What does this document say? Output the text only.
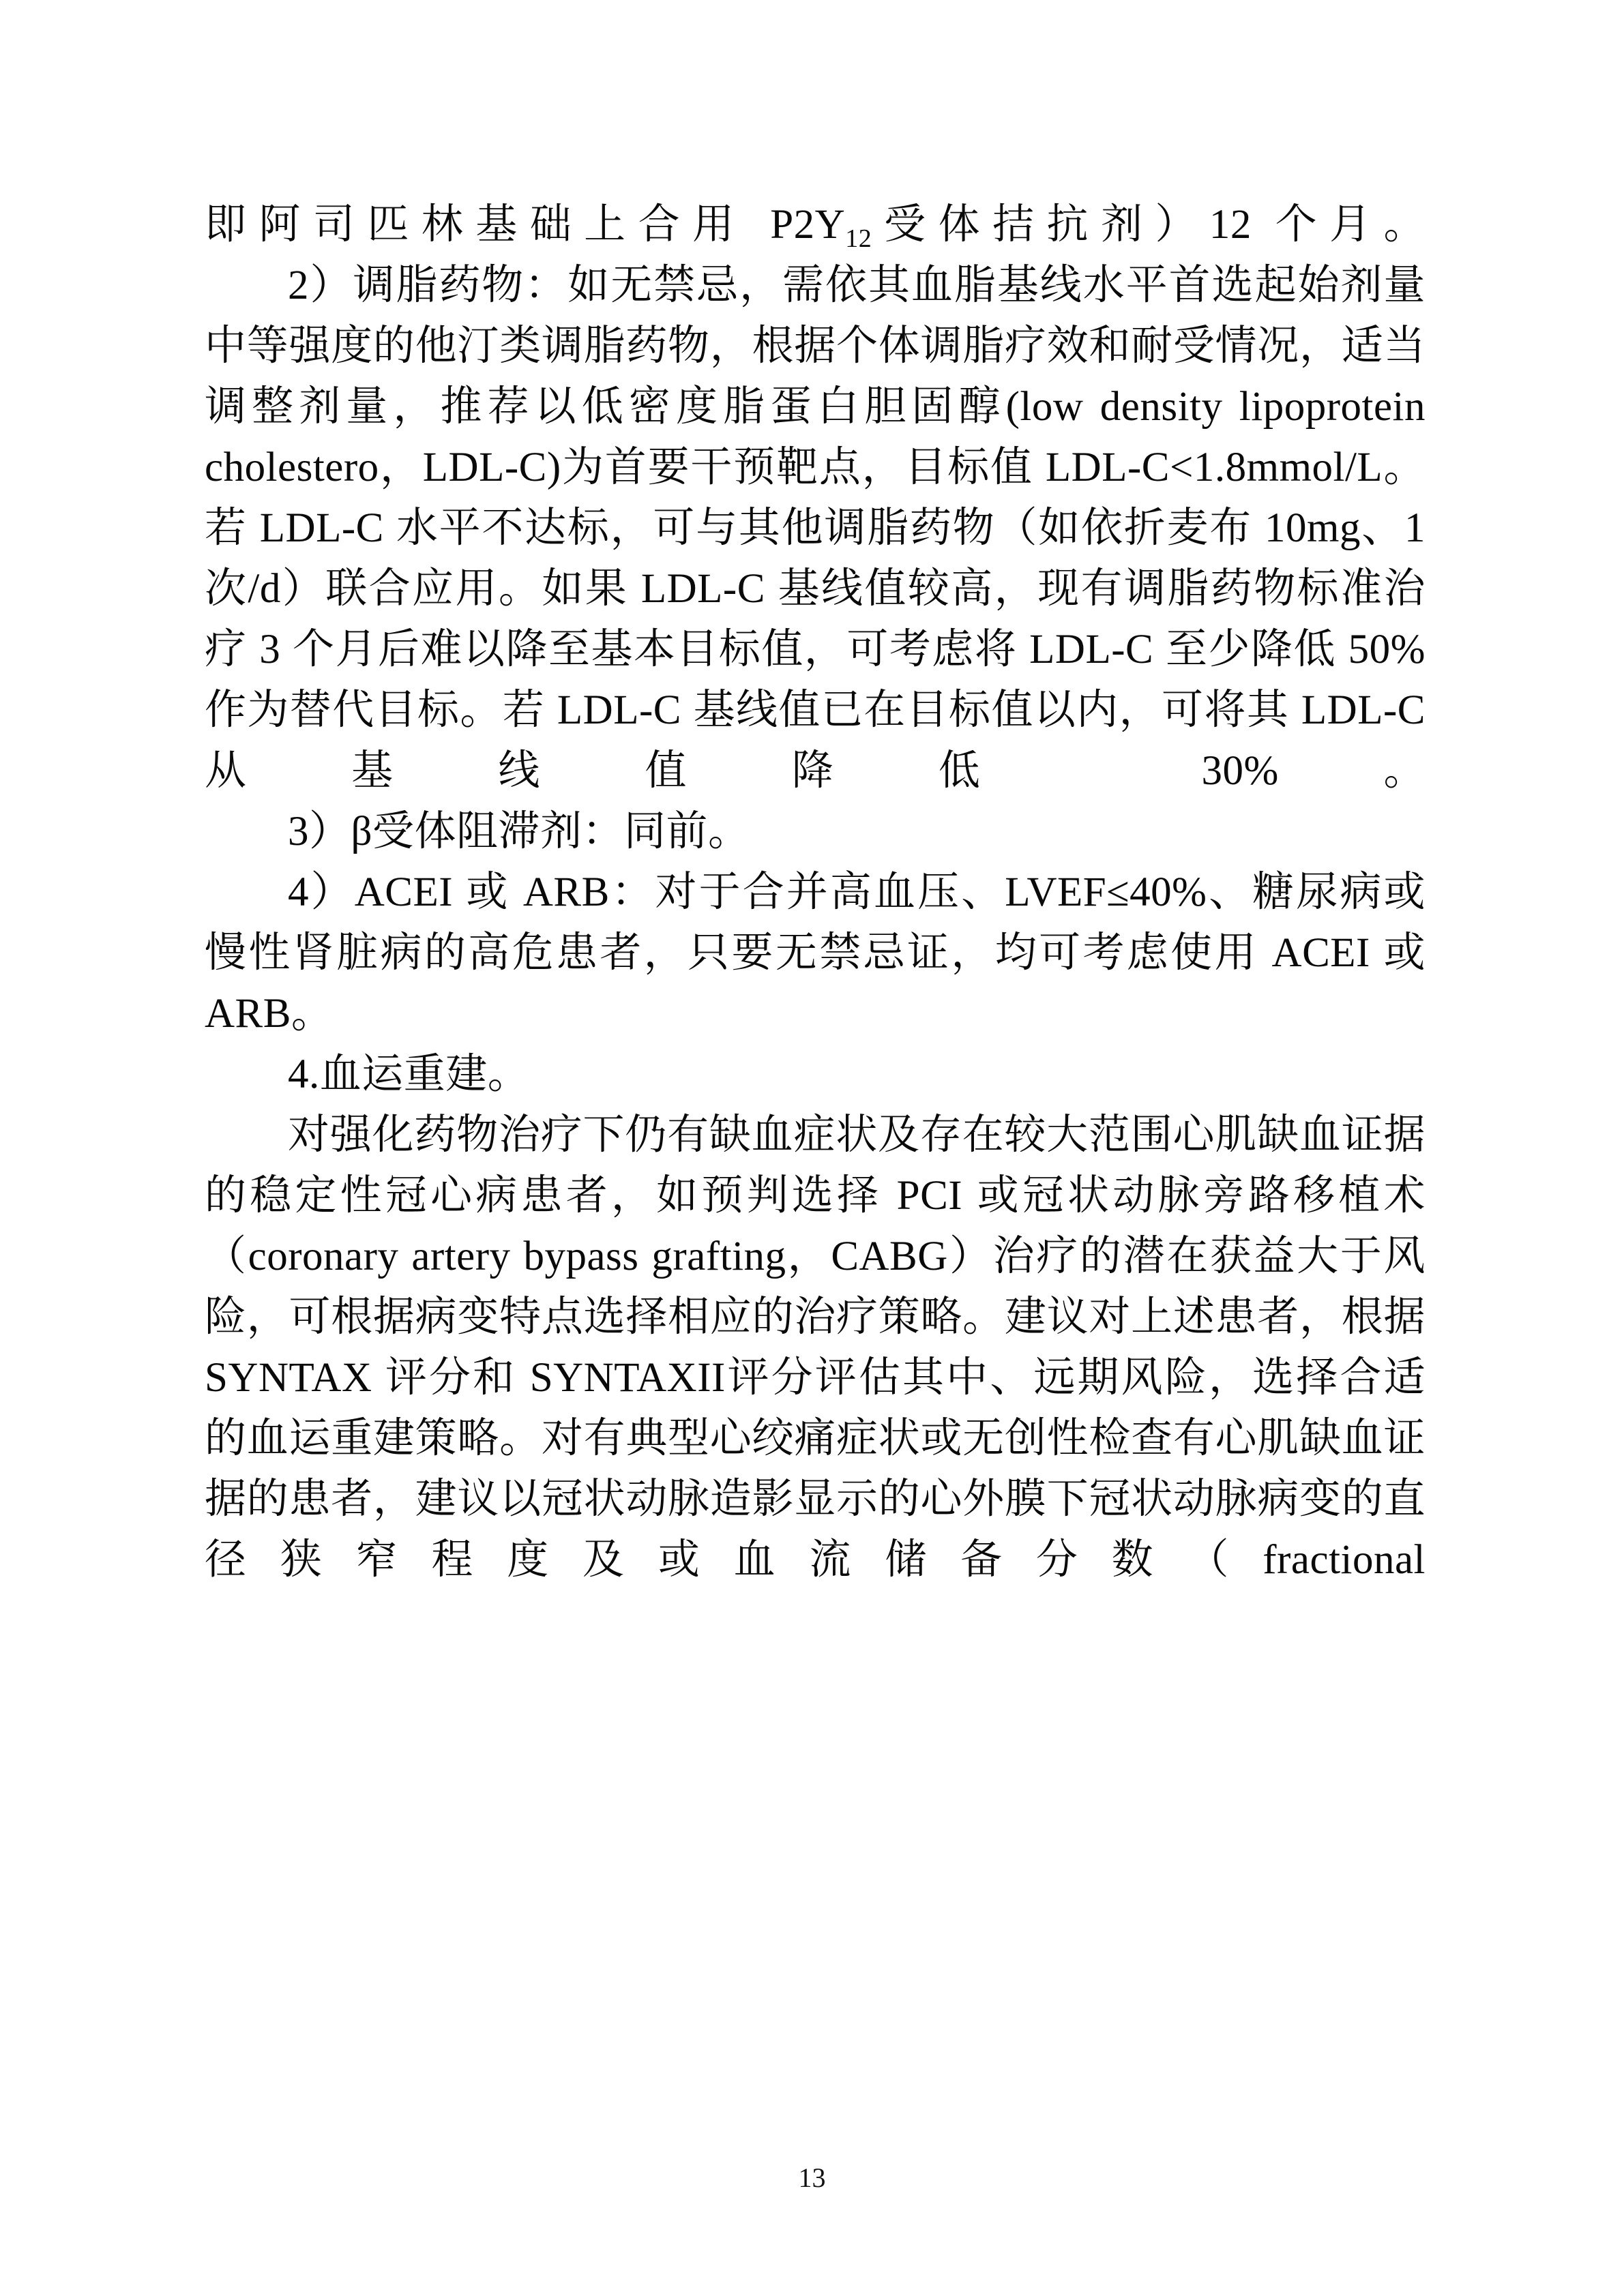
即阿司匹林基础上合用 $P2Y_{12}$受体拮抗剂）12 个月。

2）调脂药物：如无禁忌，需依其血脂基线水平首选起始剂量中等强度的他汀类调脂药物，根据个体调脂疗效和耐受情况，适当调整剂量，推荐以低密度脂蛋白胆固醇(low density lipoprotein cholestero，LDL-C)为首要干预靶点，目标值 LDL-C<1.8mmol/L。若 LDL-C 水平不达标，可与其他调脂药物（如依折麦布 10mg、1 次/d）联合应用。如果 LDL-C 基线值较高，现有调脂药物标准治疗 3 个月后难以降至基本目标值，可考虑将 LDL-C 至少降低 50%作为替代目标。若 LDL-C 基线值已在目标值以内，可将其 LDL-C 从基线值降低 30%。

3）β受体阻滞剂：同前。

4）ACEI 或 ARB：对于合并高血压、LVEF≤40%、糖尿病或慢性肾脏病的高危患者，只要无禁忌证，均可考虑使用 ACEI 或 ARB。

4.血运重建。

对强化药物治疗下仍有缺血症状及存在较大范围心肌缺血证据的稳定性冠心病患者，如预判选择 PCI 或冠状动脉旁路移植术（coronary artery bypass grafting，CABG）治疗的潜在获益大于风险，可根据病变特点选择相应的治疗策略。建议对上述患者，根据 SYNTAX 评分和 SYNTAXII评分评估其中、远期风险，选择合适的血运重建策略。对有典型心绞痛症状或无创性检查有心肌缺血证据的患者，建议以冠状动脉造影显示的心外膜下冠状动脉病变的直径狭窄程度及或血流储备分数（fractional

13
